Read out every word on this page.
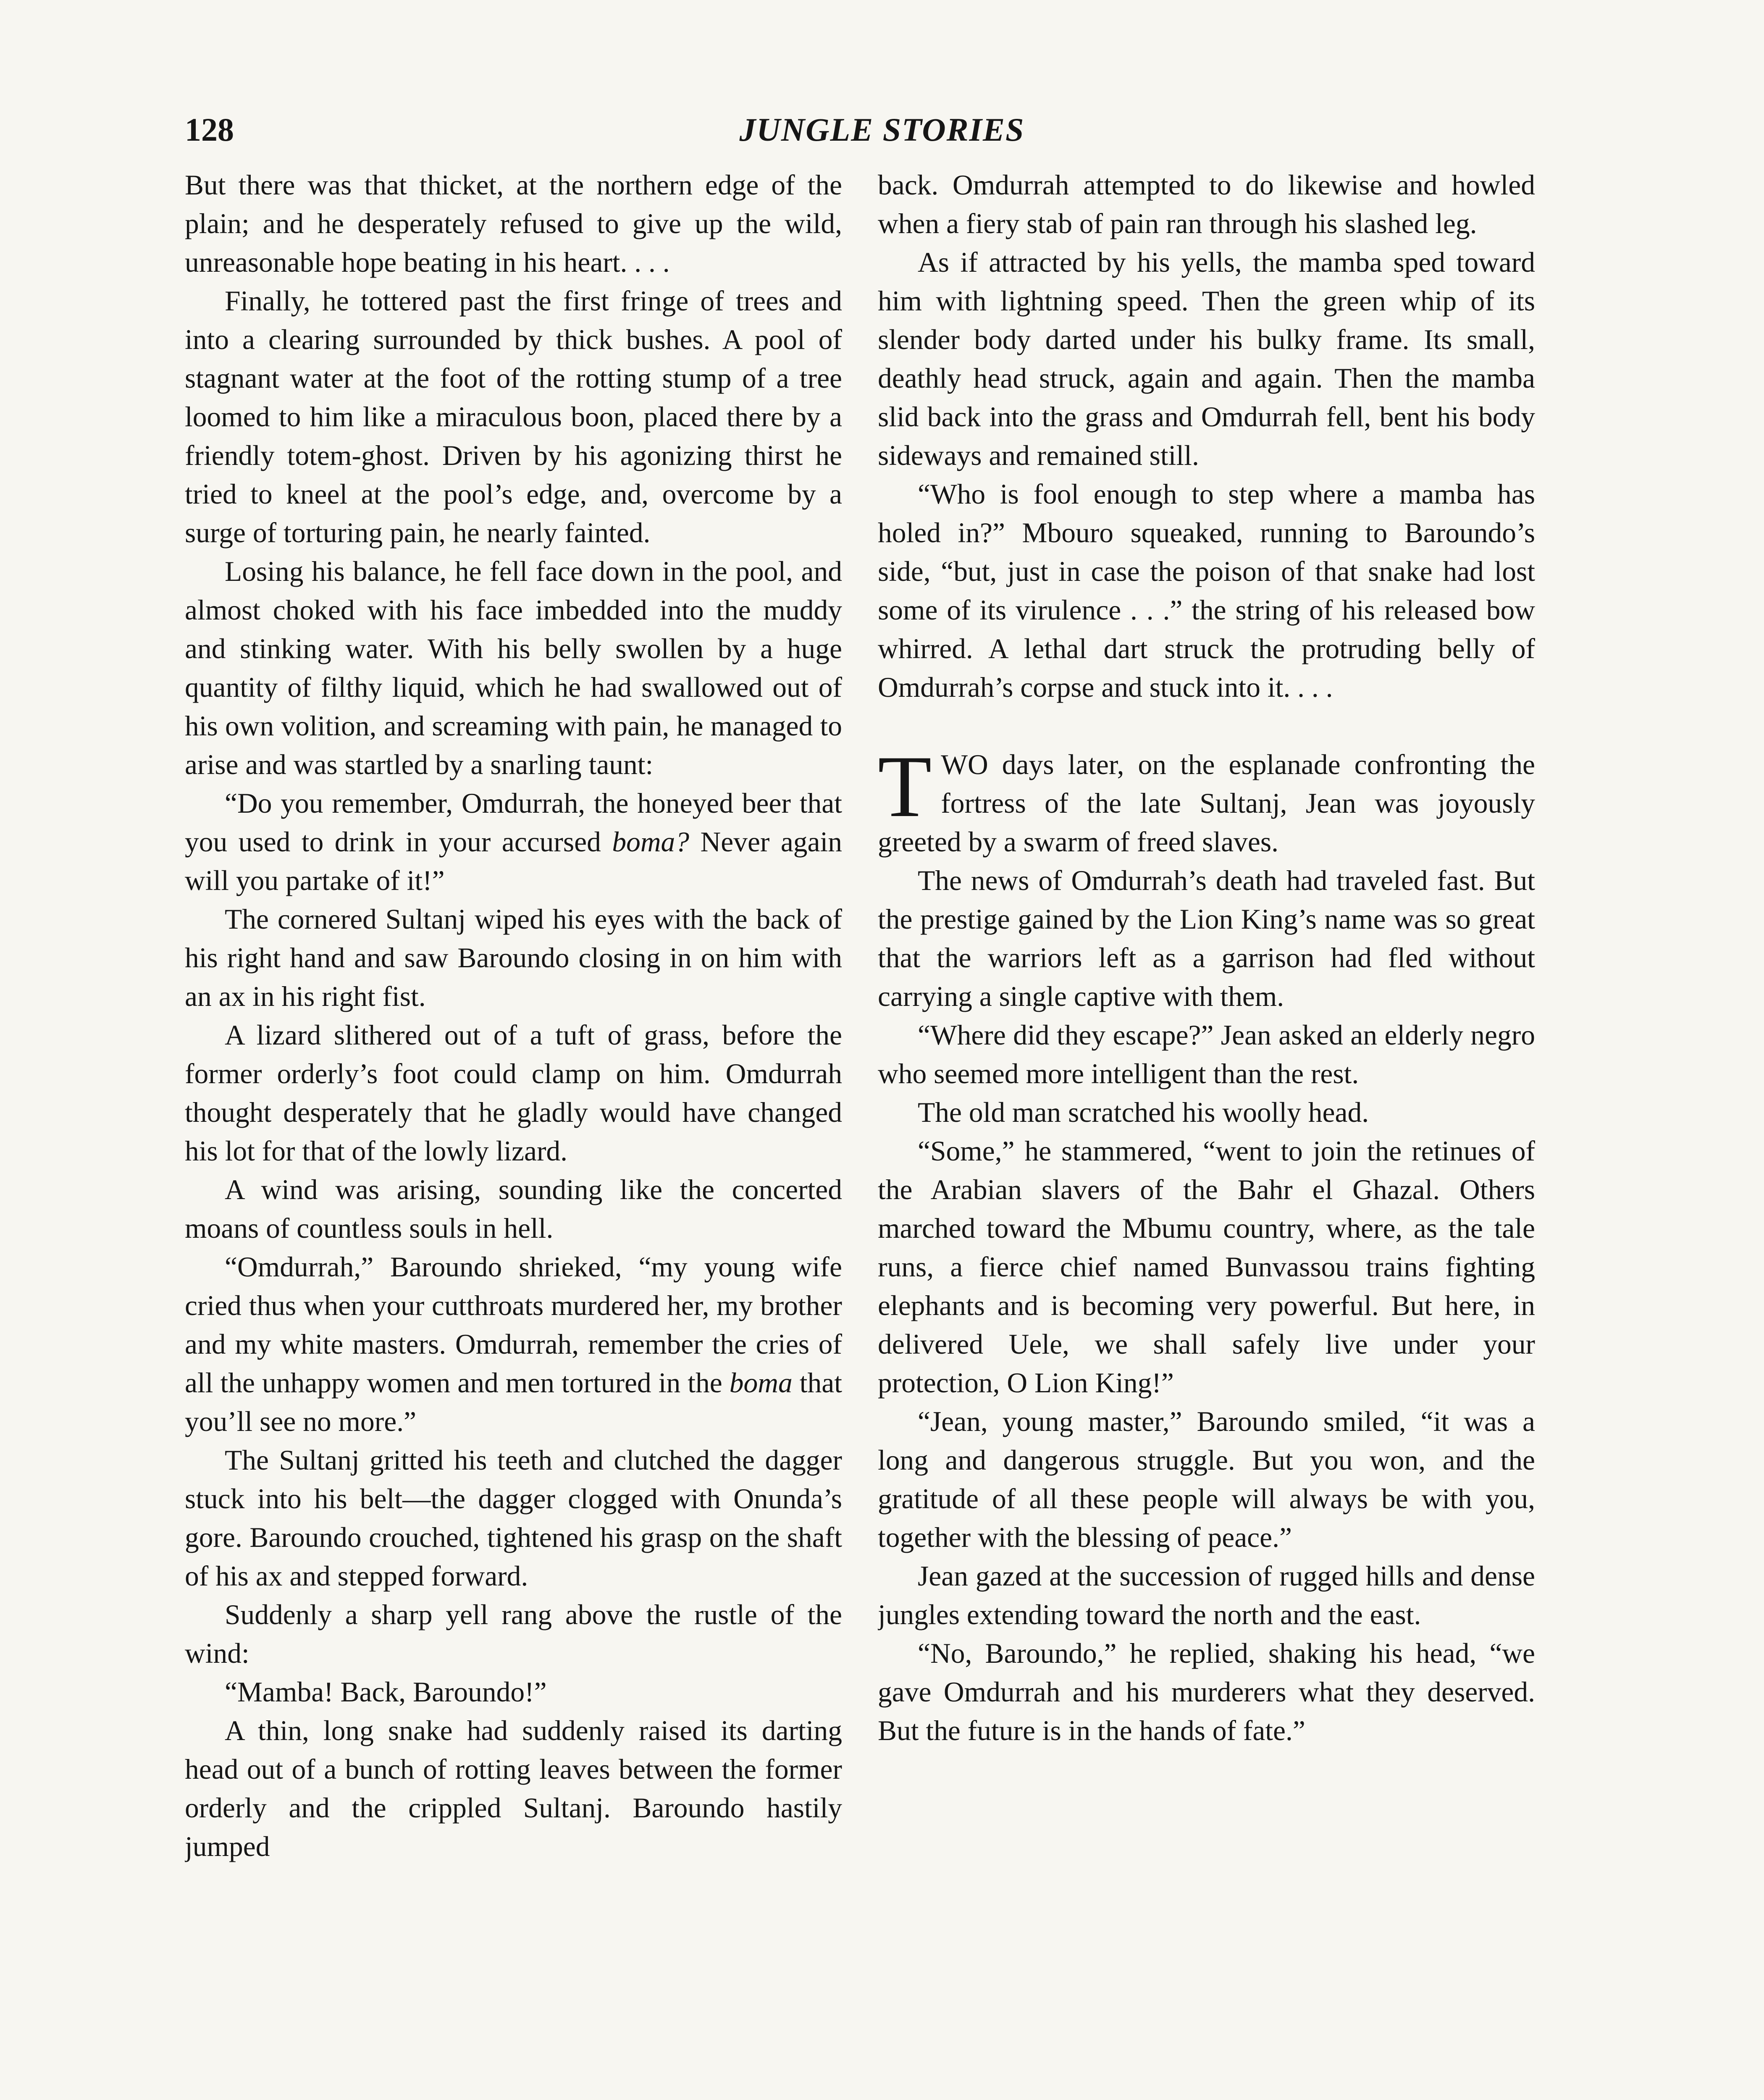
128	JUNGLE STORIES

But there was that thicket, at the northern edge of the plain; and he desperately refused to give up the wild, unreasonable hope beating in his heart. . . .

Finally, he tottered past the first fringe of trees and into a clearing surrounded by thick bushes. A pool of stagnant water at the foot of the rotting stump of a tree loomed to him like a miraculous boon, placed there by a friendly totem-ghost. Driven by his agonizing thirst he tried to kneel at the pool’s edge, and, overcome by a surge of torturing pain, he nearly fainted.

Losing his balance, he fell face down in the pool, and almost choked with his face imbedded into the muddy and stinking water. With his belly swollen by a huge quantity of filthy liquid, which he had swallowed out of his own volition, and screaming with pain, he managed to arise and was startled by a snarling taunt:

“Do you remember, Omdurrah, the honeyed beer that you used to drink in your accursed boma? Never again will you partake of it!”

The cornered Sultanj wiped his eyes with the back of his right hand and saw Baroundo closing in on him with an ax in his right fist.

A lizard slithered out of a tuft of grass, before the former orderly’s foot could clamp on him. Omdurrah thought desperately that he gladly would have changed his lot for that of the lowly lizard.

A wind was arising, sounding like the concerted moans of countless souls in hell.

“Omdurrah,” Baroundo shrieked, “my young wife cried thus when your cutthroats murdered her, my brother and my white masters. Omdurrah, remember the cries of all the unhappy women and men tortured in the boma that you’ll see no more.”

The Sultanj gritted his teeth and clutched the dagger stuck into his belt—the dagger clogged with Onunda’s gore. Baroundo crouched, tightened his grasp on the shaft of his ax and stepped forward.

Suddenly a sharp yell rang above the rustle of the wind:

“Mamba! Back, Baroundo!”

A thin, long snake had suddenly raised its darting head out of a bunch of rotting leaves between the former orderly and the crippled Sultanj. Baroundo hastily jumped

back. Omdurrah attempted to do likewise and howled when a fiery stab of pain ran through his slashed leg.

As if attracted by his yells, the mamba sped toward him with lightning speed. Then the green whip of its slender body darted under his bulky frame. Its small, deathly head struck, again and again. Then the mamba slid back into the grass and Omdurrah fell, bent his body sideways and remained still.

“Who is fool enough to step where a mamba has holed in?” Mbouro squeaked, running to Baroundo’s side, “but, just in case the poison of that snake had lost some of its virulence . . .” the string of his released bow whirred. A lethal dart struck the protruding belly of Omdurrah’s corpse and stuck into it. . . .

TWO days later, on the esplanade confronting the fortress of the late Sultanj, Jean was joyously greeted by a swarm of freed slaves.

The news of Omdurrah’s death had traveled fast. But the prestige gained by the Lion King’s name was so great that the warriors left as a garrison had fled without carrying a single captive with them.

“Where did they escape?” Jean asked an elderly negro who seemed more intelligent than the rest.

The old man scratched his woolly head.

“Some,” he stammered, “went to join the retinues of the Arabian slavers of the Bahr el Ghazal. Others marched toward the Mbumu country, where, as the tale runs, a fierce chief named Bunvassou trains fighting elephants and is becoming very powerful. But here, in delivered Uele, we shall safely live under your protection, O Lion King!”

“Jean, young master,” Baroundo smiled, “it was a long and dangerous struggle. But you won, and the gratitude of all these people will always be with you, together with the blessing of peace.”

Jean gazed at the succession of rugged hills and dense jungles extending toward the north and the east.

“No, Baroundo,” he replied, shaking his head, “we gave Omdurrah and his murderers what they deserved. But the future is in the hands of fate.”
